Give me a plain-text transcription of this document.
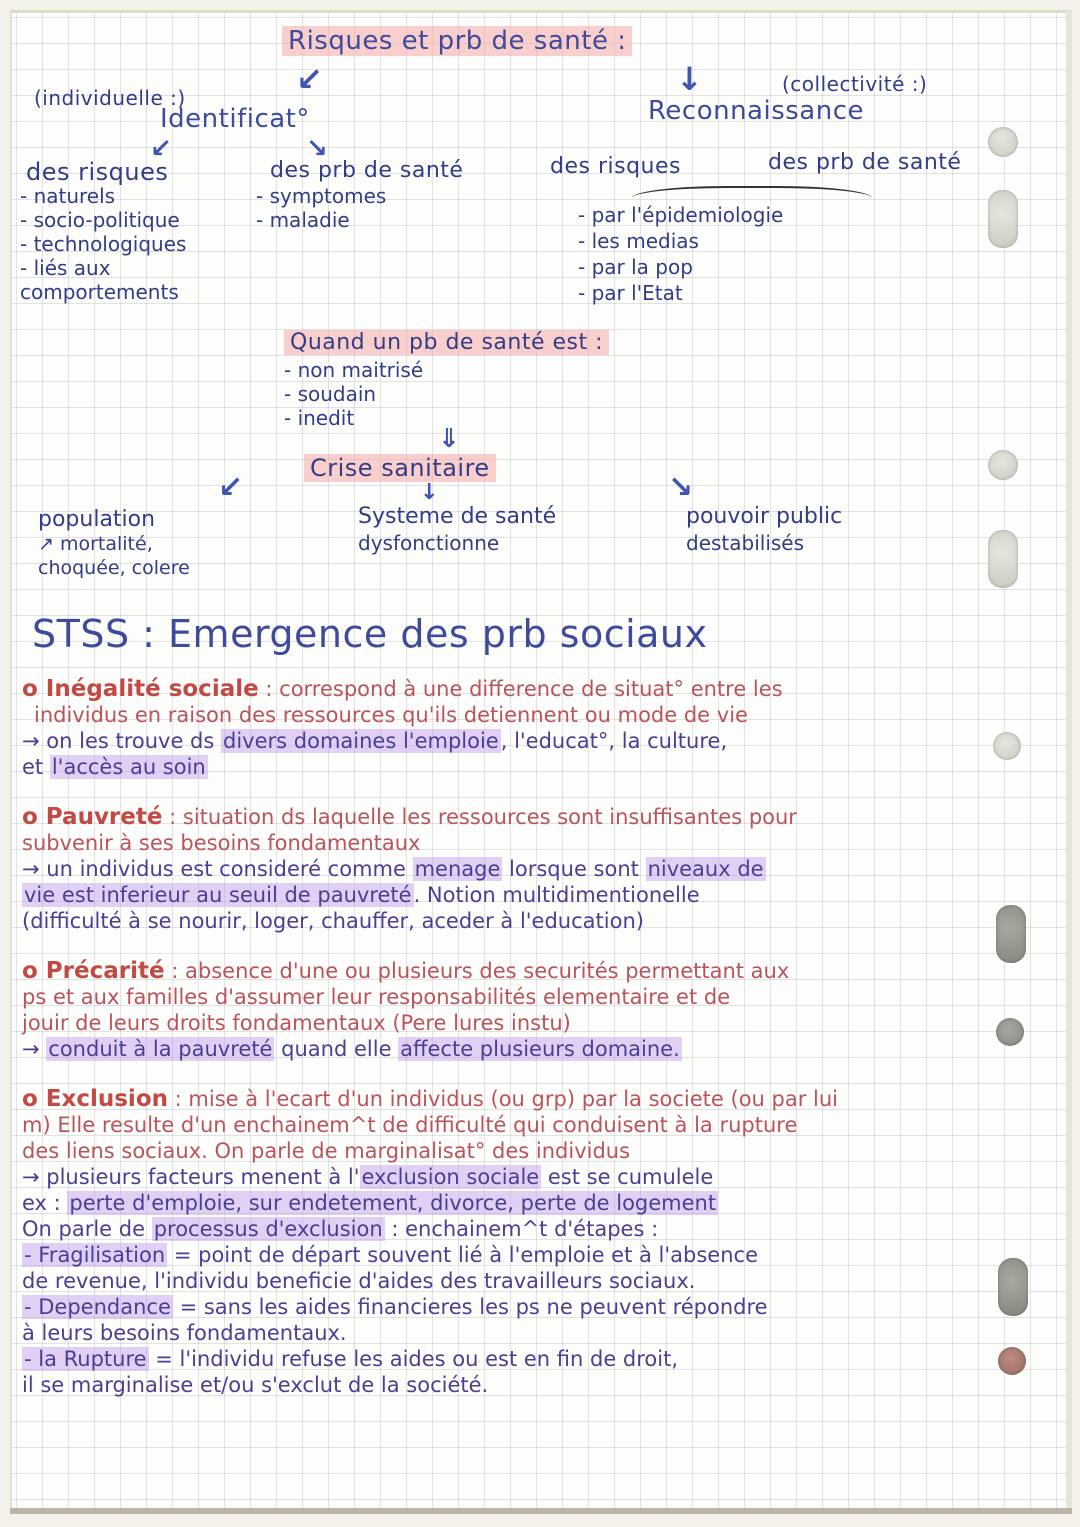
Risques et prb de santé :
↙	↓
(individuelle :)
Identificat°
(collectivité :)
Reconnaissance
↙	↘
des risques
- naturels
- socio-politique
- technologiques
- liés aux
comportements
des prb de santé
- symptomes
- maladie
des risques	des prb de santé
- par l'épidemiologie
- les medias
- par la pop
- par l'Etat
Quand un pb de santé est :
- non maitrisé
- soudain
- inedit
⇓
Crise sanitaire
↙	↓	↘
population
↗ mortalité,
choquée, colere
Systeme de santé
dysfonctionne
pouvoir public
destabilisés
STSS : Emergence des prb sociaux
o Inégalité sociale : correspond à une difference de situat° entre les
individus en raison des ressources qu'ils detiennent ou mode de vie
→ on les trouve ds divers domaines l'emploie, l'educat°, la culture,
et l'accès au soin
o Pauvreté : situation ds laquelle les ressources sont insuffisantes pour
subvenir à ses besoins fondamentaux
→ un individus est consideré comme menage lorsque sont niveaux de
vie est inferieur au seuil de pauvreté. Notion multidimentionelle
(difficulté à se nourir, loger, chauffer, aceder à l'education)
o Précarité : absence d'une ou plusieurs des securités permettant aux
ps et aux familles d'assumer leur responsabilités elementaire et de
jouir de leurs droits fondamentaux (Pere lures instu)
→ conduit à la pauvreté quand elle affecte plusieurs domaine.
o Exclusion : mise à l'ecart d'un individus (ou grp) par la societe (ou par lui
m) Elle resulte d'un enchainem^t de difficulté qui conduisent à la rupture
des liens sociaux. On parle de marginalisat° des individus
→ plusieurs facteurs menent à l'exclusion sociale est se cumulele
ex : perte d'emploie, sur endetement, divorce, perte de logement
On parle de processus d'exclusion : enchainem^t d'étapes :
- Fragilisation = point de départ souvent lié à l'emploie et à l'absence
de revenue, l'individu beneficie d'aides des travailleurs sociaux.
- Dependance = sans les aides financieres les ps ne peuvent répondre
à leurs besoins fondamentaux.
- la Rupture = l'individu refuse les aides ou est en fin de droit,
il se marginalise et/ou s'exclut de la société.
